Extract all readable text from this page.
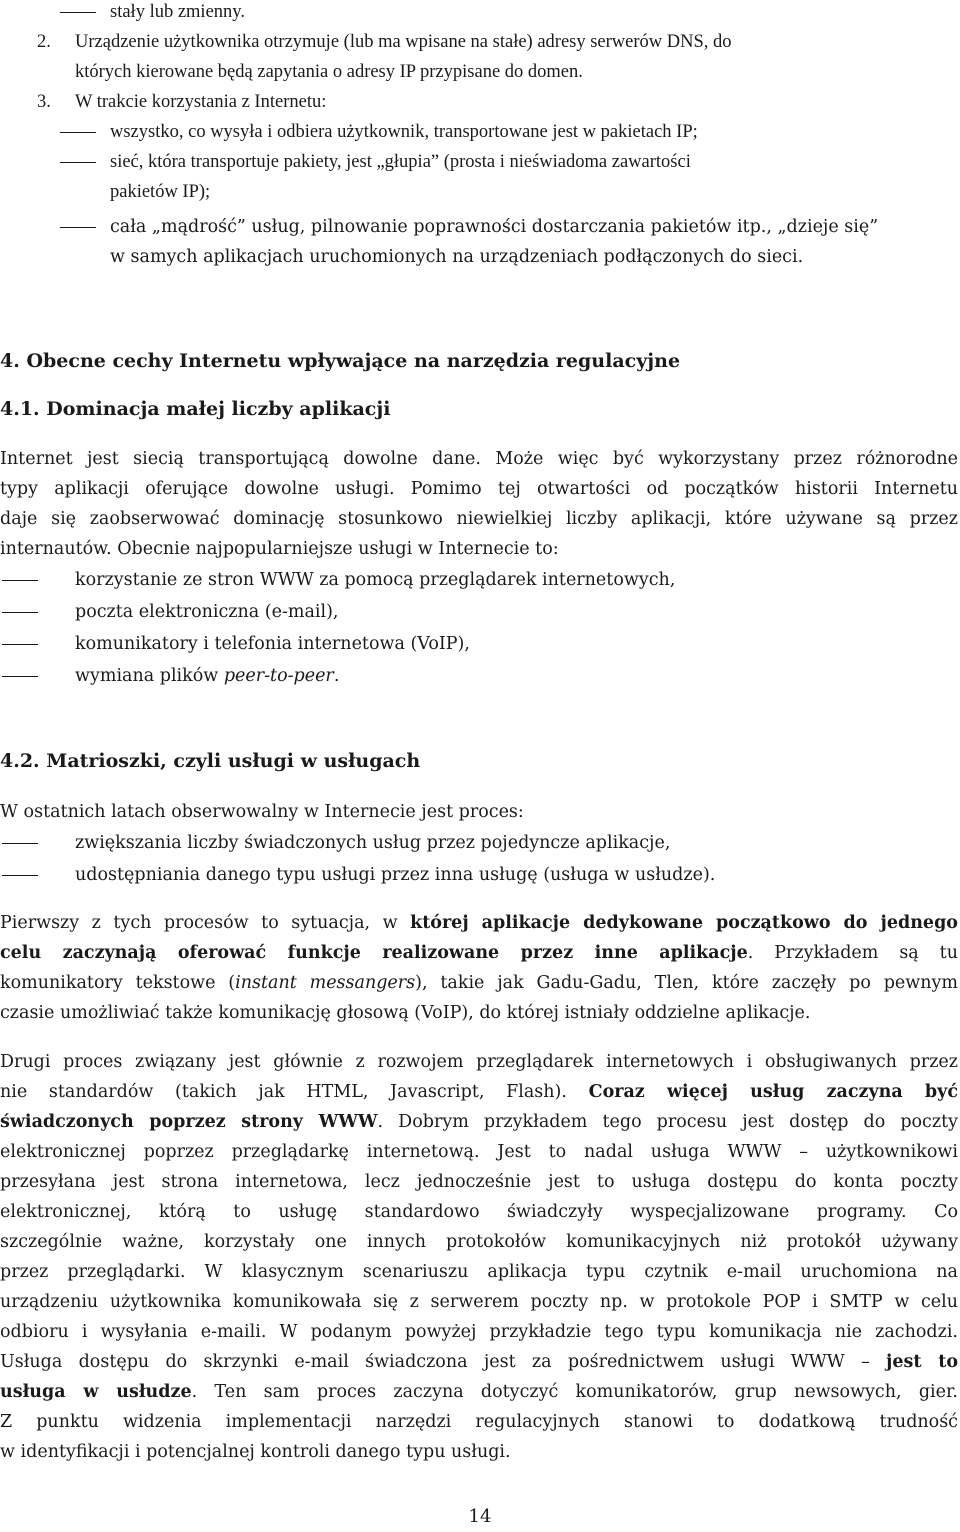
stały lub zmienny.
2. Urządzenie użytkownika otrzymuje (lub ma wpisane na stałe) adresy serwerów DNS, do
których kierowane będą zapytania o adresy IP przypisane do domen.
3. W trakcie korzystania z Internetu:
wszystko, co wysyła i odbiera użytkownik, transportowane jest w pakietach IP;
sieć, która transportuje pakiety, jest „głupia” (prosta i nieświadoma zawartości
pakietów IP);
cała „mądrość” usług, pilnowanie poprawności dostarczania pakietów itp., „dzieje się”
w samych aplikacjach uruchomionych na urządzeniach podłączonych do sieci.
4. Obecne cechy Internetu wpływające na narzędzia regulacyjne
4.1. Dominacja małej liczby aplikacji
Internet jest siecią transportującą dowolne dane. Może więc być wykorzystany przez różnorodne
typy aplikacji oferujące dowolne usługi. Pomimo tej otwartości od początków historii Internetu
daje się zaobserwować dominację stosunkowo niewielkiej liczby aplikacji, które używane są przez
internautów. Obecnie najpopularniejsze usługi w Internecie to:
korzystanie ze stron WWW za pomocą przeglądarek internetowych,
poczta elektroniczna (e-mail),
komunikatory i telefonia internetowa (VoIP),
wymiana plików peer-to-peer.
4.2. Matrioszki, czyli usługi w usługach
W ostatnich latach obserwowalny w Internecie jest proces:
zwiększania liczby świadczonych usług przez pojedyncze aplikacje,
udostępniania danego typu usługi przez inna usługę (usługa w usłudze).
Pierwszy z tych procesów to sytuacja, w której aplikacje dedykowane początkowo do jednego
celu zaczynają oferować funkcje realizowane przez inne aplikacje. Przykładem są tu
komunikatory tekstowe (instant messangers), takie jak Gadu-Gadu, Tlen, które zaczęły po pewnym
czasie umożliwiać także komunikację głosową (VoIP), do której istniały oddzielne aplikacje.
Drugi proces związany jest głównie z rozwojem przeglądarek internetowych i obsługiwanych przez
nie standardów (takich jak HTML, Javascript, Flash). Coraz więcej usług zaczyna być
świadczonych poprzez strony WWW. Dobrym przykładem tego procesu jest dostęp do poczty
elektronicznej poprzez przeglądarkę internetową. Jest to nadal usługa WWW – użytkownikowi
przesyłana jest strona internetowa, lecz jednocześnie jest to usługa dostępu do konta poczty
elektronicznej, którą to usługę standardowo świadczyły wyspecjalizowane programy. Co
szczególnie ważne, korzystały one innych protokołów komunikacyjnych niż protokół używany
przez przeglądarki. W klasycznym scenariuszu aplikacja typu czytnik e-mail uruchomiona na
urządzeniu użytkownika komunikowała się z serwerem poczty np. w protokole POP i SMTP w celu
odbioru i wysyłania e-maili. W podanym powyżej przykładzie tego typu komunikacja nie zachodzi.
Usługa dostępu do skrzynki e-mail świadczona jest za pośrednictwem usługi WWW – jest to
usługa w usłudze. Ten sam proces zaczyna dotyczyć komunikatorów, grup newsowych, gier.
Z punktu widzenia implementacji narzędzi regulacyjnych stanowi to dodatkową trudność
w identyfikacji i potencjalnej kontroli danego typu usługi.
14
